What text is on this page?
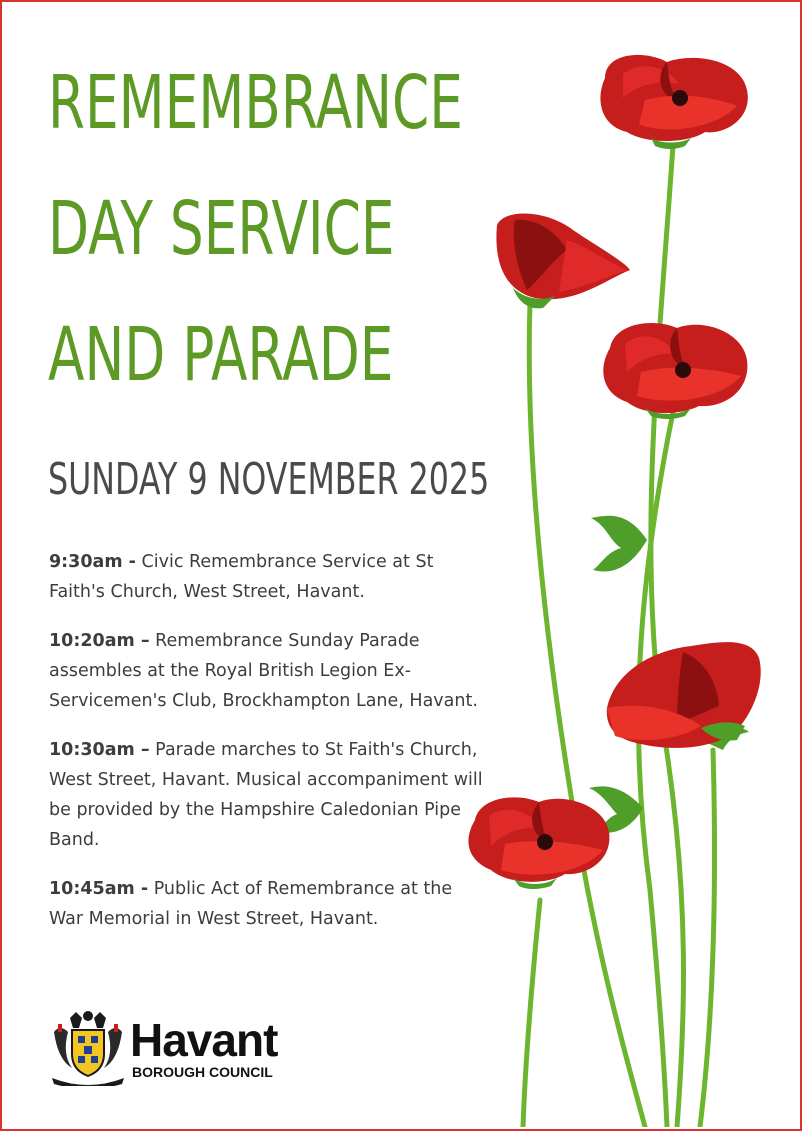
REMEMBRANCE
DAY SERVICE
AND PARADE
SUNDAY 9 NOVEMBER 2025

9:30am - Civic Remembrance Service at St Faith's Church, West Street, Havant.

10:20am – Remembrance Sunday Parade assembles at the Royal British Legion Ex-Servicemen's Club, Brockhampton Lane, Havant.

10:30am – Parade marches to St Faith's Church, West Street, Havant. Musical accompaniment will be provided by the Hampshire Caledonian Pipe Band.

10:45am - Public Act of Remembrance at the War Memorial in West Street, Havant.

Havant

BOROUGH COUNCIL
